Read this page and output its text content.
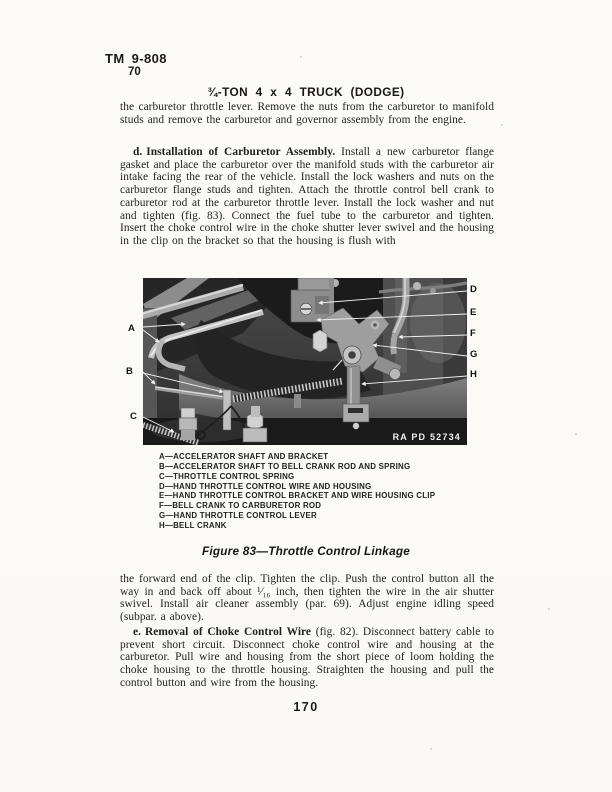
TM 9-808
70
¾-TON 4 x 4 TRUCK (DODGE)

the carburetor throttle lever. Remove the nuts from the carburetor to manifold studs and remove the carburetor and governor assembly from the engine.

d. Installation of Carburetor Assembly. Install a new carburetor flange gasket and place the carburetor over the manifold studs with the carburetor air intake facing the rear of the vehicle. Install the lock washers and nuts on the carburetor flange studs and tighten. Attach the throttle control bell crank to carburetor rod at the carburetor throttle lever. Install the lock washer and nut and tighten (fig. 83). Connect the fuel tube to the carburetor and tighten. Insert the choke control wire in the choke shutter lever swivel and the housing in the clip on the bracket so that the housing is flush with

RA PD 52734
A
B
C
D
E
F
G
H
A—ACCELERATOR SHAFT AND BRACKET
B—ACCELERATOR SHAFT TO BELL CRANK ROD AND SPRING
C—THROTTLE CONTROL SPRING
D—HAND THROTTLE CONTROL WIRE AND HOUSING
E—HAND THROTTLE CONTROL BRACKET AND WIRE HOUSING CLIP
F—BELL CRANK TO CARBURETOR ROD
G—HAND THROTTLE CONTROL LEVER
H—BELL CRANK
Figure 83—Throttle Control Linkage

the forward end of the clip. Tighten the clip. Push the control button all the way in and back off about ¹⁄₁₆ inch, then tighten the wire in the air shutter swivel. Install air cleaner assembly (par. 69). Adjust engine idling speed (subpar. a above).

e. Removal of Choke Control Wire (fig. 82). Disconnect battery cable to prevent short circuit. Disconnect choke control wire and housing at the carburetor. Pull wire and housing from the short piece of loom holding the choke housing to the throttle housing. Straighten the housing and pull the control button and wire from the housing.

170
